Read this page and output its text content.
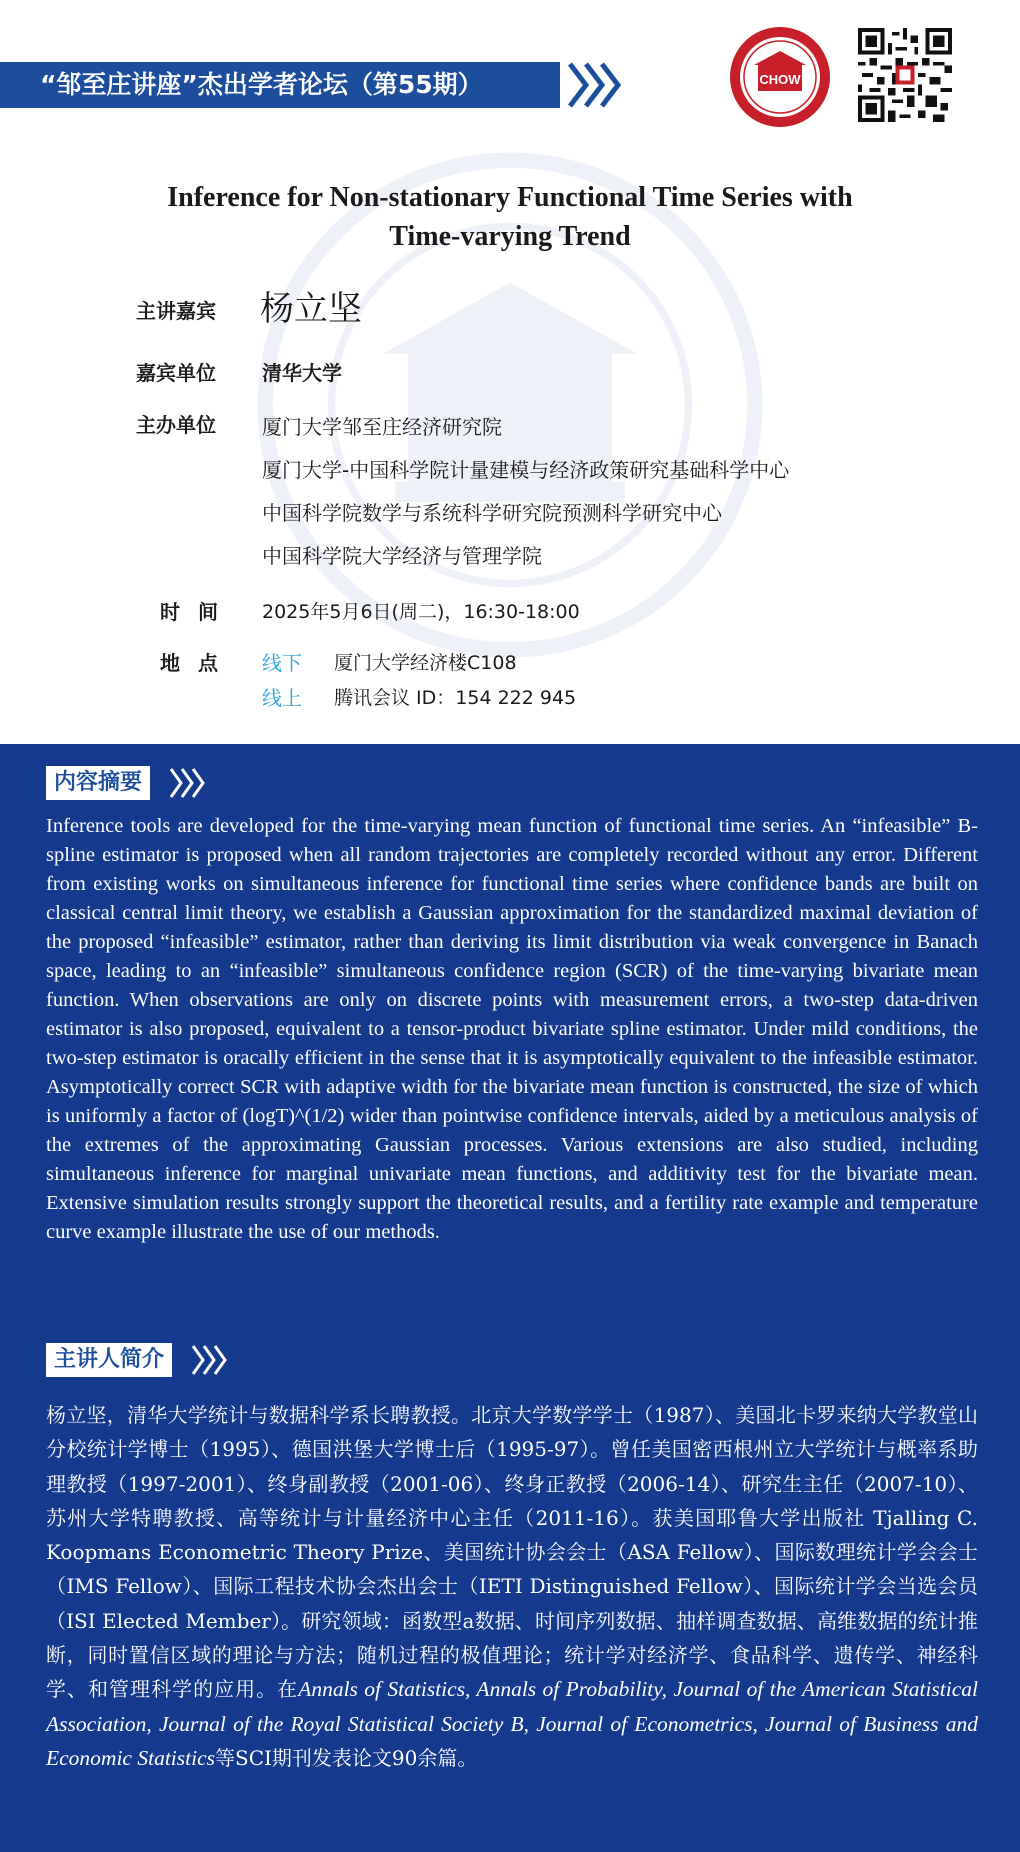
“邹至庄讲座”杰出学者论坛（第55期）	CHOW
Inference for Non-stationary Functional Time Series with
Time-varying Trend
主讲嘉宾 杨立坚
嘉宾单位 清华大学
主办单位 厦门大学邹至庄经济研究院
厦门大学-中国科学院计量建模与经济政策研究基础科学中心
中国科学院数学与系统科学研究院预测科学研究中心
中国科学院大学经济与管理学院
时间 2025年5月6日(周二)，16:30-18:00
地点 线下 厦门大学经济楼C108
线上 腾讯会议 ID：154 222 945
内容摘要
Inference tools are developed for the time-varying mean function of functional time series. An “infeasible” B-spline estimator is proposed when all random trajectories are completely recorded without any error. Different from existing works on simultaneous inference for functional time series where confidence bands are built on classical central limit theory, we establish a Gaussian approximation for the standardized maximal deviation of the proposed “infeasible” estimator, rather than deriving its limit distribution via weak convergence in Banach space, leading to an “infeasible” simultaneous confidence region (SCR) of the time-varying bivariate mean function. When observations are only on discrete points with measurement errors, a two-step data-driven estimator is also proposed, equivalent to a tensor-product bivariate spline estimator. Under mild conditions, the two-step estimator is oracally efficient in the sense that it is asymptotically equivalent to the infeasible estimator. Asymptotically correct SCR with adaptive width for the bivariate mean function is constructed, the size of which is uniformly a factor of (logT)^(1/2) wider than pointwise confidence intervals, aided by a meticulous analysis of the extremes of the approximating Gaussian processes. Various extensions are also studied, including simultaneous inference for marginal univariate mean functions, and additivity test for the bivariate mean. Extensive simulation results strongly support the theoretical results, and a fertility rate example and temperature curve example illustrate the use of our methods.
主讲人简介
杨立坚，清华大学统计与数据科学系长聘教授。北京大学数学学士（1987）、美国北卡罗来纳大学教堂山分校统计学博士（1995）、德国洪堡大学博士后（1995-97）。曾任美国密西根州立大学统计与概率系助理教授（1997-2001）、终身副教授（2001-06）、终身正教授（2006-14）、研究生主任（2007-10）、苏州大学特聘教授、高等统计与计量经济中心主任（2011-16）。获美国耶鲁大学出版社 Tjalling C. Koopmans Econometric Theory Prize、美国统计协会会士（ASA Fellow）、国际数理统计学会会士（IMS Fellow）、国际工程技术协会杰出会士（IETI Distinguished Fellow）、国际统计学会当选会员（ISI Elected Member）。研究领域：函数型a数据、时间序列数据、抽样调查数据、高维数据的统计推断，同时置信区域的理论与方法；随机过程的极值理论；统计学对经济学、食品科学、遗传学、神经科学、和管理科学的应用。在Annals of Statistics, Annals of Probability, Journal of the American Statistical Association, Journal of the Royal Statistical Society B, Journal of Econometrics, Journal of Business and Economic Statistics等SCI期刊发表论文90余篇。
